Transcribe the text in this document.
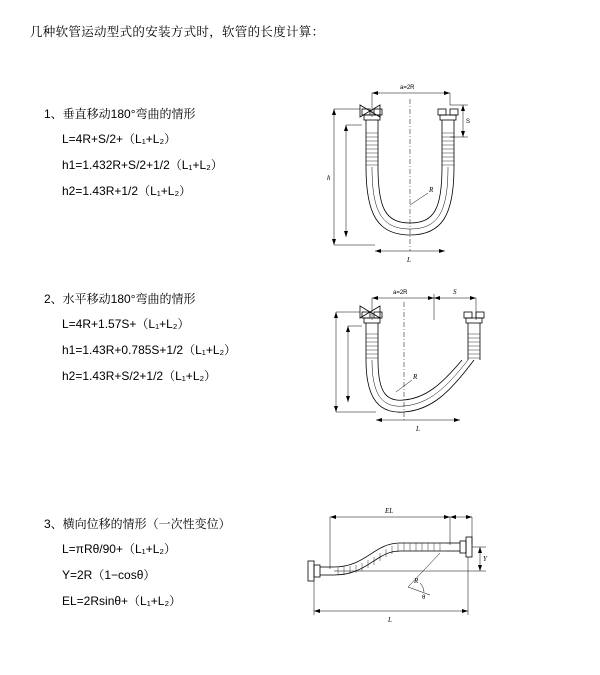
几种软管运动型式的安装方式时，软管的长度计算：
1、垂直移动180°弯曲的情形
L=4R+S/2+（L₁+L₂）
h1=1.432R+S/2+1/2（L₁+L₂）
h2=1.43R+1/2（L₁+L₂）
a=2R
S
h
R
L
2、水平移动180°弯曲的情形
L=4R+1.57S+（L₁+L₂）
h1=1.43R+0.785S+1/2（L₁+L₂）
h2=1.43R+S/2+1/2（L₁+L₂）
a=2R	S
R
L
3、横向位移的情形（一次性变位）
L=πRθ/90+（L₁+L₂）
Y=2R（1−cosθ）
EL=2Rsinθ+（L₁+L₂）
EL
Y
R
θ
L
